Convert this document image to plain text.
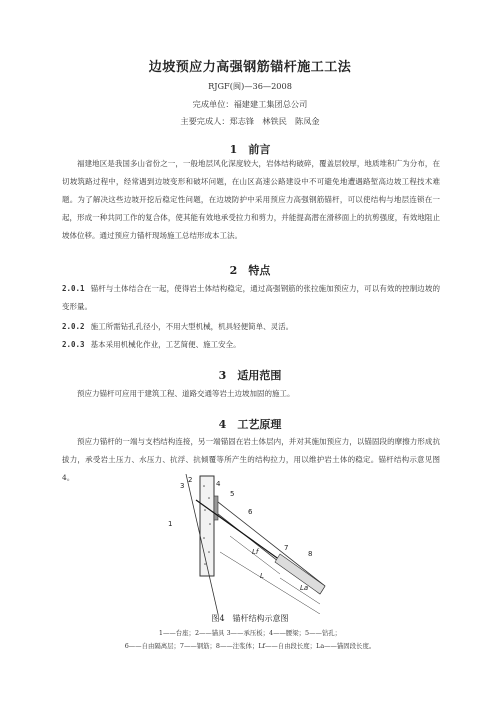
边坡预应力高强钢筋锚杆施工工法
RJGF(闽)—36—2008
完成单位：福建建工集团总公司
主要完成人：郑志锋　林铁民　陈凤金
1　前言
福建地区是我国多山省份之一，一般地层风化深度较大，岩体结构破碎，覆盖层较厚，地质堆积广为分布，在切坡筑路过程中，经常遇到边坡变形和破坏问题，在山区高速公路建设中不可避免地遭遇路堑高边坡工程技术难题。为了解决这些边坡开挖后稳定性问题，在边坡防护中采用预应力高强钢筋锚杆，可以使结构与地层连锁在一起，形成一种共同工作的复合体，使其能有效地承受拉力和剪力，并能提高潜在滑移面上的抗剪强度，有效地阻止坡体位移。通过预应力锚杆现场施工总结形成本工法。
2　特点
2.0.1 锚杆与土体结合在一起，使得岩土体结构稳定，通过高强钢筋的张拉施加预应力，可以有效的控制边坡的变形量。
2.0.2 施工所需钻孔孔径小，不用大型机械，机具轻便简单、灵活。
2.0.3 基本采用机械化作业，工艺简便、施工安全。
3　适用范围
预应力锚杆可应用于建筑工程、道路交通等岩土边坡加固的施工。
4　工艺原理
预应力锚杆的一端与支档结构连接，另一端锚固在岩土体层内，并对其施加预应力，以锚固段的摩擦力形成抗拔力，承受岩土压力、水压力、抗浮、抗倾覆等所产生的结构拉力，用以维护岩土体的稳定。锚杆结构示意见图4。
1
2
3	4
5
6
7
8
Lf
L
La
图4　锚杆结构示意图
1——台座；2——锚具 3——承压板；4——腰梁；5——钻孔；
6——自由隔离层；7——钢筋；8——注浆体；Lf——自由段长度；La——锚固段长度。
